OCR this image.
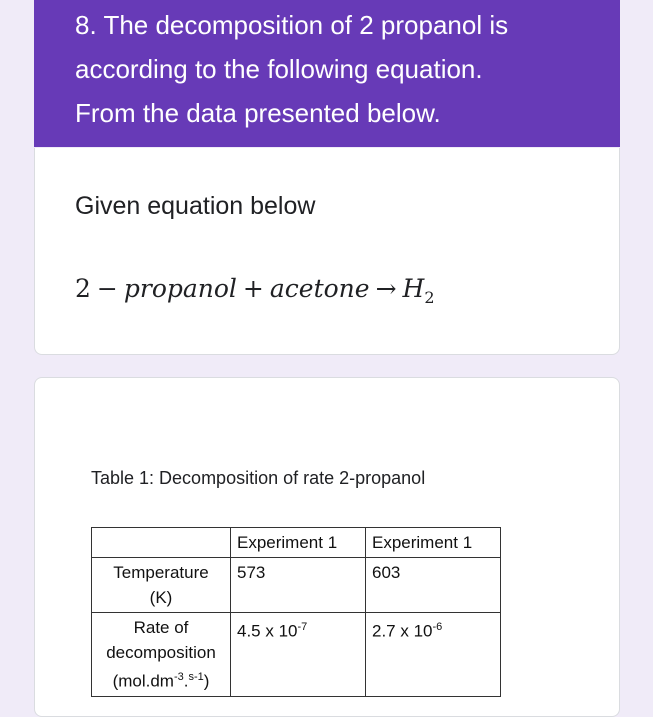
8. The decomposition of 2 propanol is

according to the following equation.

From the data presented below.

Given equation below
2 − propanol + acetone → $H_2$
Table 1: Decomposition of rate 2-propanol
	Experiment 1	Experiment 1
Temperature
(K)	573	603
Rate of
decomposition
$(mol.dm^{-3}.^{s-1})$	4.5 x $10^{-7}$	2.7 x $10^{-6}$
